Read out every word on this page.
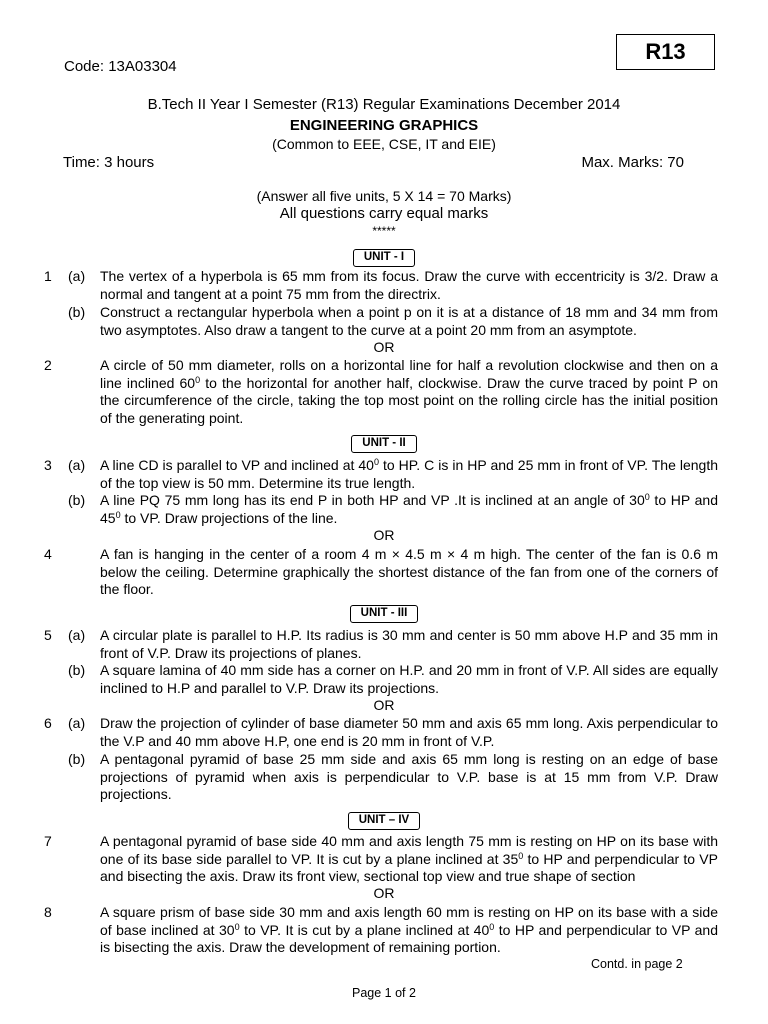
Code: 13A03304
R13
B.Tech II Year I Semester (R13) Regular Examinations December 2014
ENGINEERING GRAPHICS
(Common to EEE, CSE, IT and EIE)
Time: 3 hours	Max. Marks: 70
(Answer all five units, 5 X 14 = 70 Marks)
All questions carry equal marks
*****
UNIT - I
1 (a) The vertex of a hyperbola is 65 mm from its focus. Draw the curve with eccentricity is 3/2. Draw a normal and tangent at a point 75 mm from the directrix.
(b) Construct a rectangular hyperbola when a point p on it is at a distance of 18 mm and 34 mm from two asymptotes. Also draw a tangent to the curve at a point 20 mm from an asymptote.
OR
2	A circle of 50 mm diameter, rolls on a horizontal line for half a revolution clockwise and then on a line inclined $60^0$ to the horizontal for another half, clockwise. Draw the curve traced by point P on the circumference of the circle, taking the top most point on the rolling circle has the initial position of the generating point.
UNIT - II
3 (a) A line CD is parallel to VP and inclined at $40^0$ to HP. C is in HP and 25 mm in front of VP. The length of the top view is 50 mm. Determine its true length.
(b) A line PQ 75 mm long has its end P in both HP and VP .It is inclined at an angle of $30^0$ to HP and $45^0$ to VP. Draw projections of the line.
OR
4	A fan is hanging in the center of a room 4 m × 4.5 m × 4 m high. The center of the fan is 0.6 m below the ceiling. Determine graphically the shortest distance of the fan from one of the corners of the floor.
UNIT - III
5 (a) A circular plate is parallel to H.P. Its radius is 30 mm and center is 50 mm above H.P and 35 mm in front of V.P. Draw its projections of planes.
(b) A square lamina of 40 mm side has a corner on H.P. and 20 mm in front of V.P. All sides are equally inclined to H.P and parallel to V.P. Draw its projections.
OR
6 (a) Draw the projection of cylinder of base diameter 50 mm and axis 65 mm long. Axis perpendicular to the V.P and 40 mm above H.P, one end is 20 mm in front of V.P.
(b) A pentagonal pyramid of base 25 mm side and axis 65 mm long is resting on an edge of base projections of pyramid when axis is perpendicular to V.P. base is at 15 mm from V.P. Draw projections.
UNIT – IV
7	A pentagonal pyramid of base side 40 mm and axis length 75 mm is resting on HP on its base with one of its base side parallel to VP. It is cut by a plane inclined at $35^0$ to HP and perpendicular to VP and bisecting the axis. Draw its front view, sectional top view and true shape of section
OR
8	A square prism of base side 30 mm and axis length 60 mm is resting on HP on its base with a side of base inclined at $30^0$ to VP. It is cut by a plane inclined at $40^0$ to HP and perpendicular to VP and is bisecting the axis. Draw the development of remaining portion.
Contd. in page 2
Page 1 of 2
